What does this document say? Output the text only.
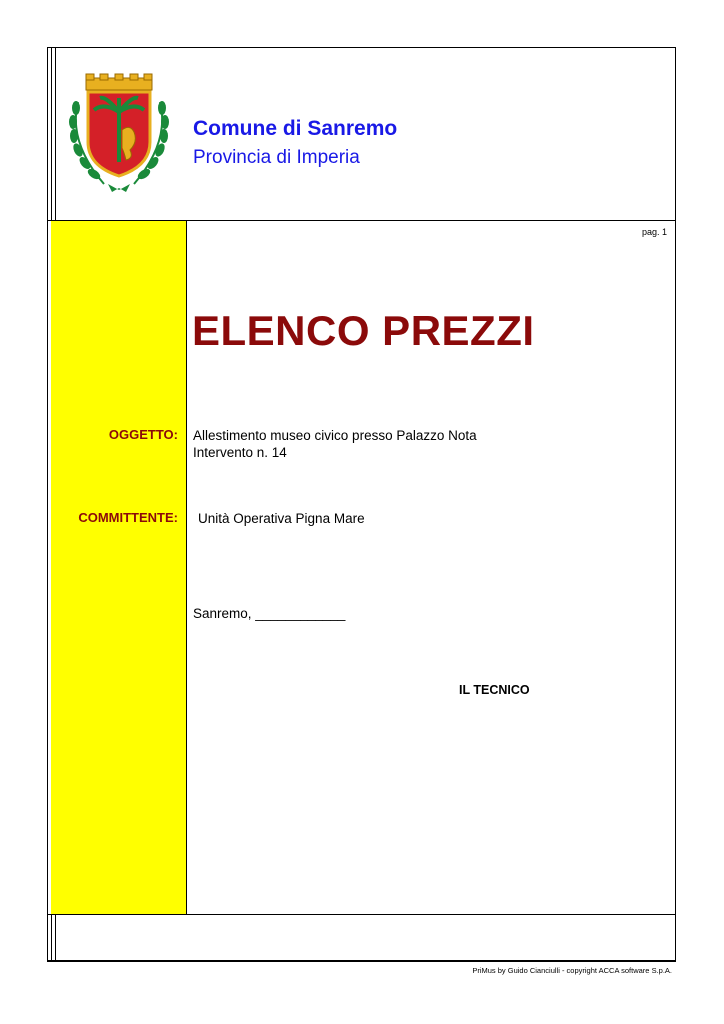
Comune di Sanremo
Provincia di Imperia
pag. 1
ELENCO PREZZI
OGGETTO: Allestimento museo civico presso Palazzo Nota
Intervento n. 14
COMMITTENTE: Unità Operativa Pigna Mare
Sanremo, ____________
IL TECNICO
PriMus by Guido Cianciulli - copyright ACCA software S.p.A.
